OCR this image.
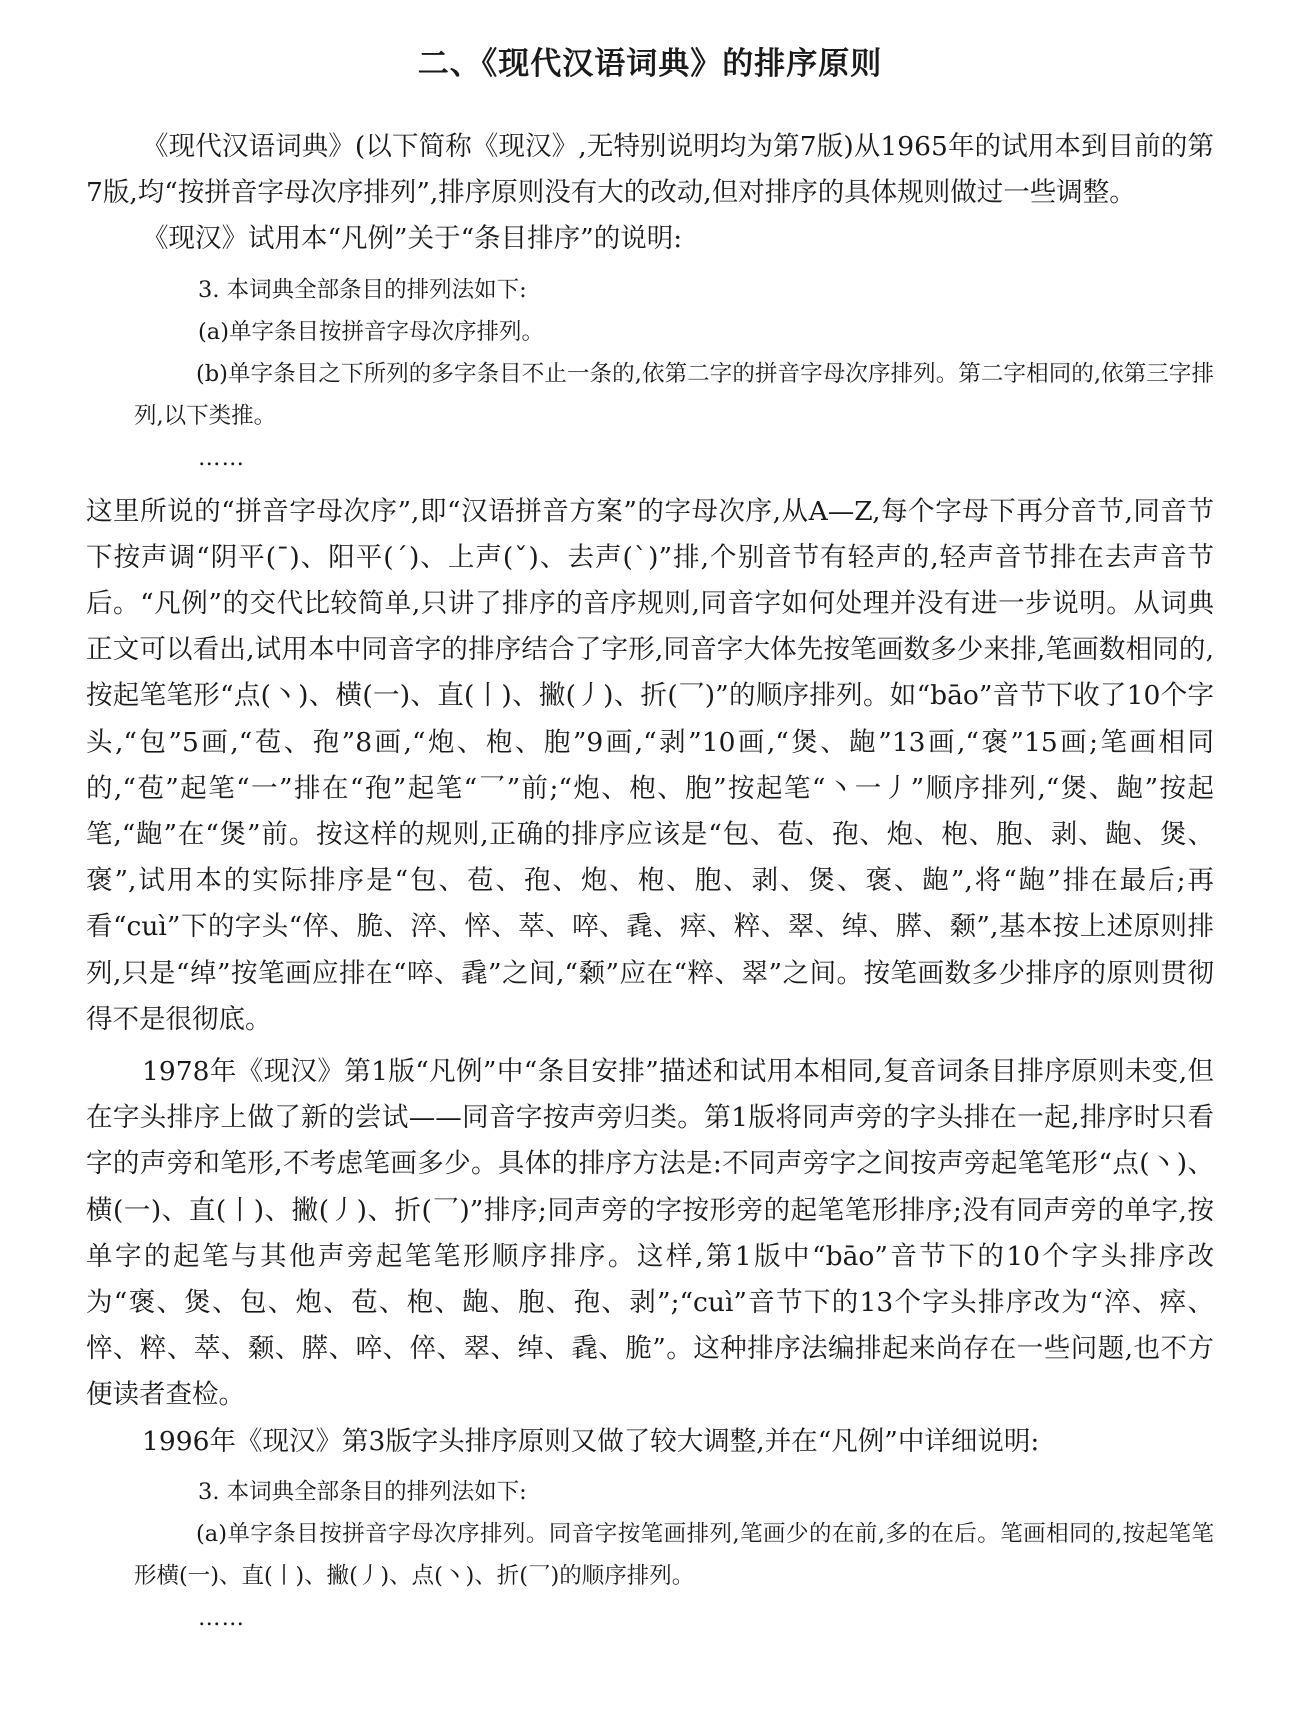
二、《现代汉语词典》的排序原则

《现代汉语词典》(以下简称《现汉》,无特别说明均为第7版)从1965年的试用本到目前的第7版,均“按拼音字母次序排列”,排序原则没有大的改动,但对排序的具体规则做过一些调整。

《现汉》试用本“凡例”关于“条目排序”的说明:

3. 本词典全部条目的排列法如下:

(a)单字条目按拼音字母次序排列。

(b)单字条目之下所列的多字条目不止一条的,依第二字的拼音字母次序排列。第二字相同的,依第三字排列,以下类推。

……

这里所说的“拼音字母次序”,即“汉语拼音方案”的字母次序,从A—Z,每个字母下再分音节,同音节下按声调“阴平(ˉ)、阳平(ˊ)、上声(ˇ)、去声(ˋ)”排,个别音节有轻声的,轻声音节排在去声音节后。“凡例”的交代比较简单,只讲了排序的音序规则,同音字如何处理并没有进一步说明。从词典正文可以看出,试用本中同音字的排序结合了字形,同音字大体先按笔画数多少来排,笔画数相同的,按起笔笔形“点(丶)、横(一)、直(丨)、撇(丿)、折(乛)”的顺序排列。如“bāo”音节下收了10个字头,“包”5画,“苞、孢”8画,“炮、枹、胞”9画,“剥”10画,“煲、龅”13画,“褒”15画;笔画相同的,“苞”起笔“一”排在“孢”起笔“乛”前;“炮、枹、胞”按起笔“丶一丿”顺序排列,“煲、龅”按起笔,“龅”在“煲”前。按这样的规则,正确的排序应该是“包、苞、孢、炮、枹、胞、剥、龅、煲、褒”,试用本的实际排序是“包、苞、孢、炮、枹、胞、剥、煲、褒、龅”,将“龅”排在最后;再看“cuì”下的字头“倅、脆、淬、悴、萃、啐、毳、瘁、粹、翠、绰、膵、颡”,基本按上述原则排列,只是“绰”按笔画应排在“啐、毳”之间,“颡”应在“粹、翠”之间。按笔画数多少排序的原则贯彻得不是很彻底。

1978年《现汉》第1版“凡例”中“条目安排”描述和试用本相同,复音词条目排序原则未变,但在字头排序上做了新的尝试——同音字按声旁归类。第1版将同声旁的字头排在一起,排序时只看字的声旁和笔形,不考虑笔画多少。具体的排序方法是:不同声旁字之间按声旁起笔笔形“点(丶)、横(一)、直(丨)、撇(丿)、折(乛)”排序;同声旁的字按形旁的起笔笔形排序;没有同声旁的单字,按单字的起笔与其他声旁起笔笔形顺序排序。这样,第1版中“bāo”音节下的10个字头排序改为“褒、煲、包、炮、苞、枹、龅、胞、孢、剥”;“cuì”音节下的13个字头排序改为“淬、瘁、悴、粹、萃、颡、膵、啐、倅、翠、绰、毳、脆”。这种排序法编排起来尚存在一些问题,也不方便读者查检。

1996年《现汉》第3版字头排序原则又做了较大调整,并在“凡例”中详细说明:

3. 本词典全部条目的排列法如下:

(a)单字条目按拼音字母次序排列。同音字按笔画排列,笔画少的在前,多的在后。笔画相同的,按起笔笔形横(一)、直(丨)、撇(丿)、点(丶)、折(乛)的顺序排列。

……
